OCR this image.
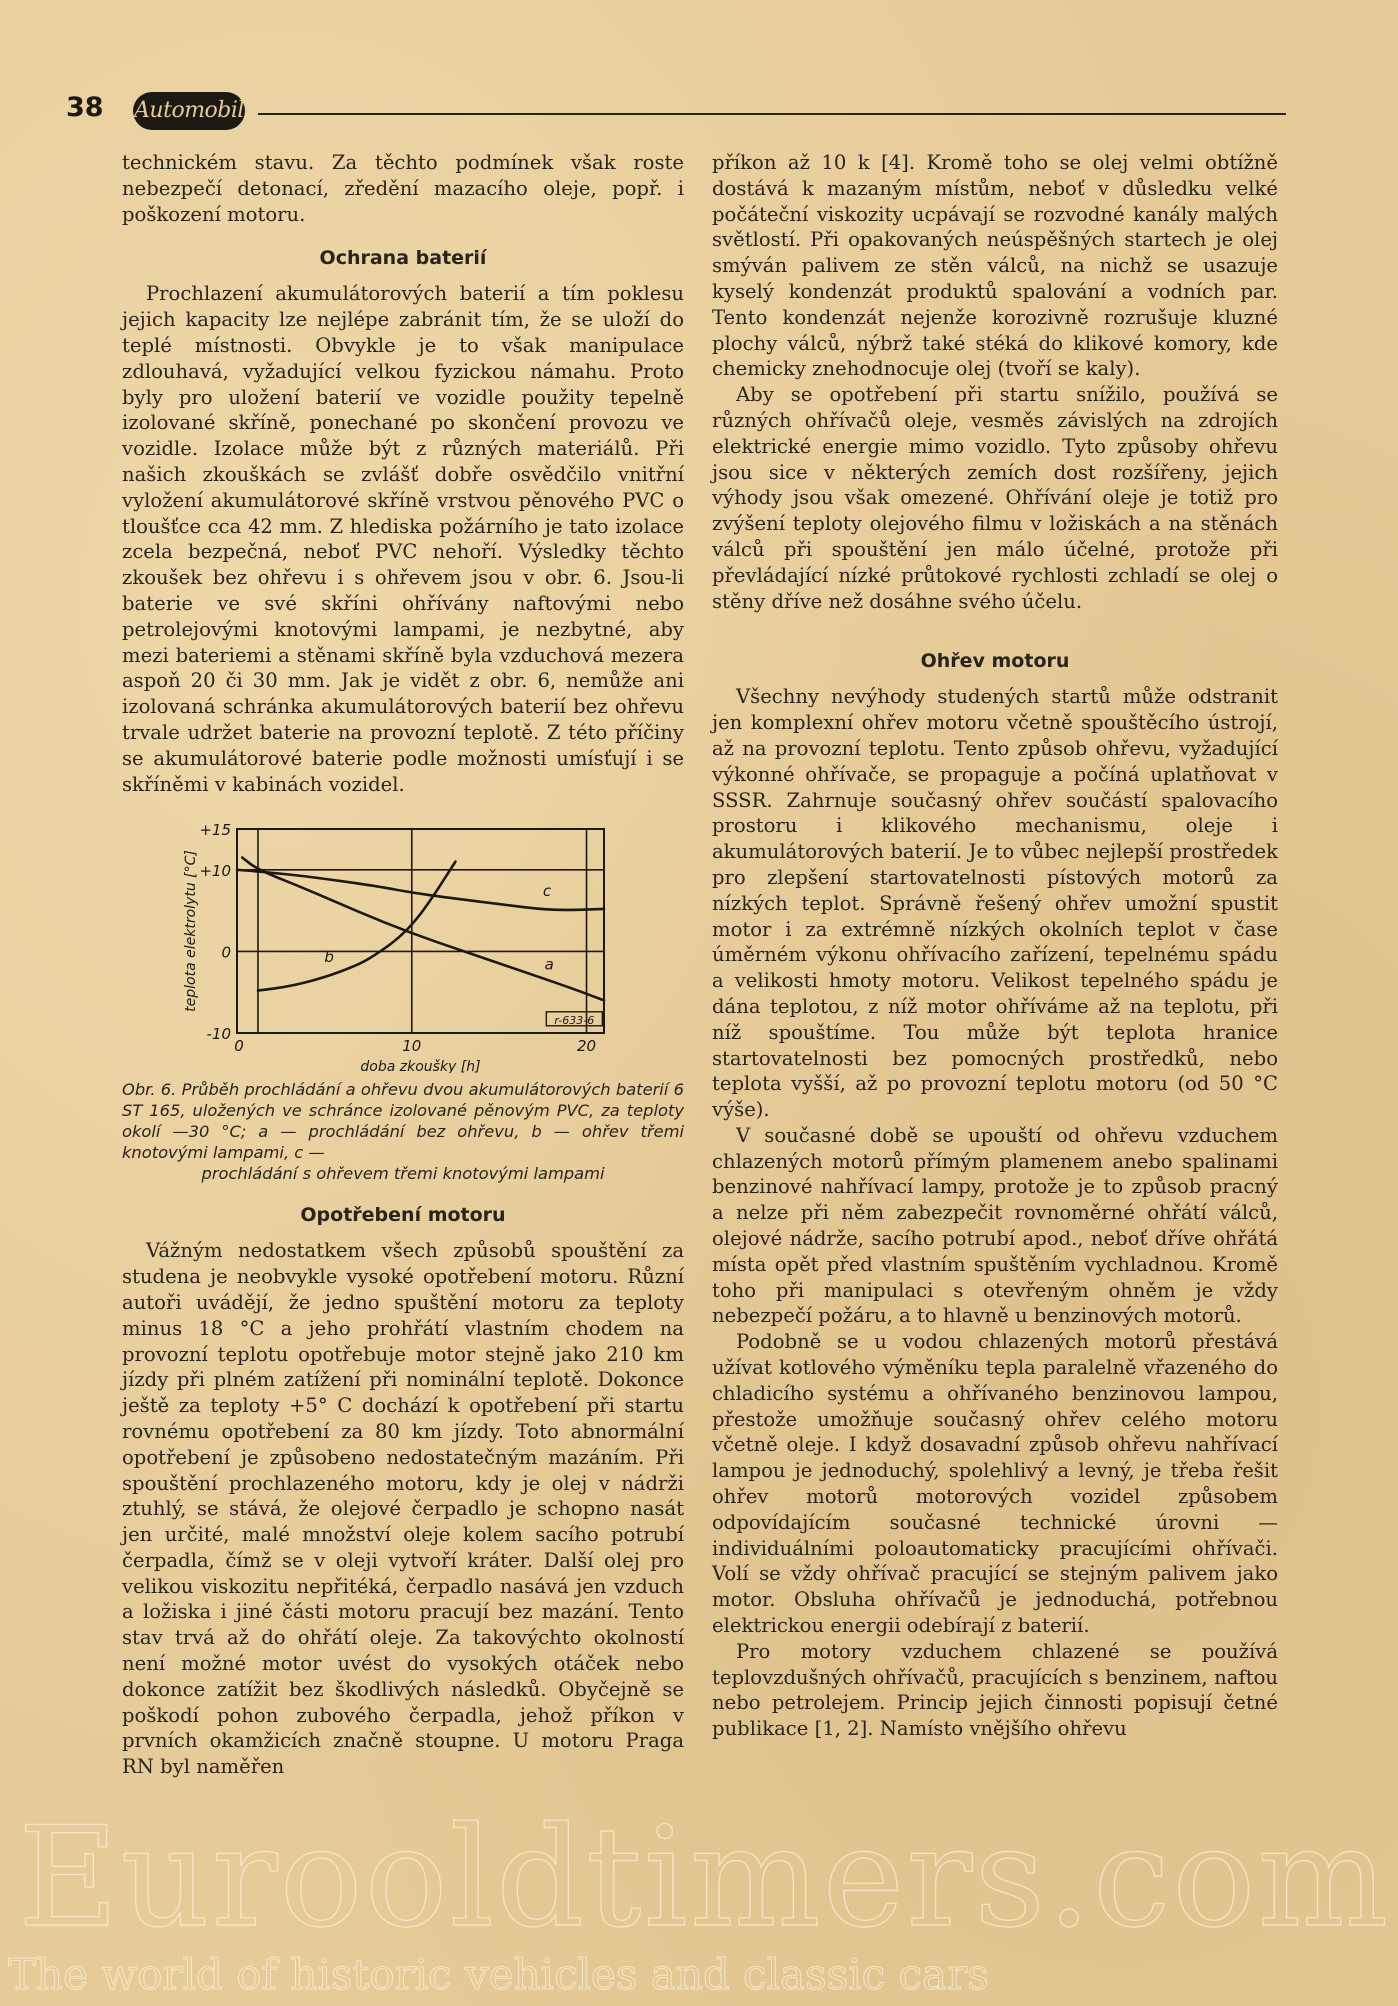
38 Automobil

technickém stavu. Za těchto podmínek však roste nebezpečí detonací, zředění mazacího oleje, popř. i poškození motoru.

Ochrana baterií

Prochlazení akumulátorových baterií a tím poklesu jejich kapacity lze nejlépe zabránit tím, že se uloží do teplé místnosti. Obvykle je to však manipulace zdlouhavá, vyžadující velkou fyzickou námahu. Proto byly pro uložení baterií ve vozidle použity tepelně izolované skříně, ponechané po skončení provozu ve vozidle. Izolace může být z různých materiálů. Při našich zkouškách se zvlášť dobře osvědčilo vnitřní vyložení akumulátorové skříně vrstvou pěnového PVC o tloušťce cca 42 mm. Z hlediska požárního je tato izolace zcela bezpečná, neboť PVC nehoří. Výsledky těchto zkoušek bez ohřevu i s ohřevem jsou v obr. 6. Jsou-li baterie ve své skříni ohřívány naftovými nebo petrolejovými knotovými lampami, je nezbytné, aby mezi bateriemi a stěnami skříně byla vzduchová mezera aspoň 20 či 30 mm. Jak je vidět z obr. 6, nemůže ani izolovaná schránka akumulátorových baterií bez ohřevu trvale udržet baterie na provozní teplotě. Z této příčiny se akumulátorové baterie podle možnosti umísťují i se skříněmi v kabinách vozidel.

-10
0
+10
+15
0	10	20
doba zkoušky [h]
teplota elektrolytu [°C]	a
b
c
r-633-6
Obr. 6. Průběh prochládání a ohřevu dvou akumulátorových baterií 6 ST 165, uložených ve schránce izolované pěnovým PVC, za teploty okolí —30 °C; a — prochládání bez ohřevu, b — ohřev třemi knotovými lampami, c —
prochládání s ohřevem třemi knotovými lampami
Opotřebení motoru

Vážným nedostatkem všech způsobů spouštění za studena je neobvykle vysoké opotřebení motoru. Různí autoři uvádějí, že jedno spuštění motoru za teploty minus 18 °C a jeho prohřátí vlastním chodem na provozní teplotu opotřebuje motor stejně jako 210 km jízdy při plném zatížení při nominální teplotě. Dokonce ještě za teploty +5° C dochází k opotřebení při startu rovnému opotřebení za 80 km jízdy. Toto abnormální opotřebení je způsobeno nedostatečným mazáním. Při spouštění prochlazeného motoru, kdy je olej v nádrži ztuhlý, se stává, že olejové čerpadlo je schopno nasát jen určité, malé množství oleje kolem sacího potrubí čerpadla, čímž se v oleji vytvoří kráter. Další olej pro velikou viskozitu nepřitéká, čerpadlo nasává jen vzduch a ložiska i jiné části motoru pracují bez mazání. Tento stav trvá až do ohřátí oleje. Za takovýchto okolností není možné motor uvést do vysokých otáček nebo dokonce zatížit bez škodlivých následků. Obyčejně se poškodí pohon zubového čerpadla, jehož příkon v prvních okamžicích značně stoupne. U motoru Praga RN byl naměřen

příkon až 10 k [4]. Kromě toho se olej velmi obtížně dostává k mazaným místům, neboť v důsledku velké počáteční viskozity ucpávají se rozvodné kanály malých světlostí. Při opakovaných neúspěšných startech je olej smýván palivem ze stěn válců, na nichž se usazuje kyselý kondenzát produktů spalování a vodních par. Tento kondenzát nejenže korozivně rozrušuje kluzné plochy válců, nýbrž také stéká do klikové komory, kde chemicky znehodnocuje olej (tvoří se kaly).

Aby se opotřebení při startu snížilo, používá se různých ohřívačů oleje, vesměs závislých na zdrojích elektrické energie mimo vozidlo. Tyto způsoby ohřevu jsou sice v některých zemích dost rozšířeny, jejich výhody jsou však omezené. Ohřívání oleje je totiž pro zvýšení teploty olejového filmu v ložiskách a na stěnách válců při spouštění jen málo účelné, protože při převládající nízké průtokové rychlosti zchladí se olej o stěny dříve než dosáhne svého účelu.

Ohřev motoru

Všechny nevýhody studených startů může odstranit jen komplexní ohřev motoru včetně spouštěcího ústrojí, až na provozní teplotu. Tento způsob ohřevu, vyžadující výkonné ohřívače, se propaguje a počíná uplatňovat v SSSR. Zahrnuje současný ohřev součástí spalovacího prostoru i klikového mechanismu, oleje i akumulátorových baterií. Je to vůbec nejlepší prostředek pro zlepšení startovatelnosti pístových motorů za nízkých teplot. Správně řešený ohřev umožní spustit motor i za extrémně nízkých okolních teplot v čase úměrném výkonu ohřívacího zařízení, tepelnému spádu a velikosti hmoty motoru. Velikost tepelného spádu je dána teplotou, z níž motor ohříváme až na teplotu, při níž spouštíme. Tou může být teplota hranice startovatelnosti bez pomocných prostředků, nebo teplota vyšší, až po provozní teplotu motoru (od 50 °C výše).

V současné době se upouští od ohřevu vzduchem chlazených motorů přímým plamenem anebo spalinami benzinové nahřívací lampy, protože je to způsob pracný a nelze při něm zabezpečit rovnoměrné ohřátí válců, olejové nádrže, sacího potrubí apod., neboť dříve ohřátá místa opět před vlastním spuštěním vychladnou. Kromě toho při manipulaci s otevřeným ohněm je vždy nebezpečí požáru, a to hlavně u benzinových motorů.

Podobně se u vodou chlazených motorů přestává užívat kotlového výměníku tepla paralelně vřazeného do chladicího systému a ohřívaného benzinovou lampou, přestože umožňuje současný ohřev celého motoru včetně oleje. I když dosavadní způsob ohřevu nahřívací lampou je jednoduchý, spolehlivý a levný, je třeba řešit ohřev motorů motorových vozidel způsobem odpovídajícím současné technické úrovni — individuálními poloautomaticky pracujícími ohřívači. Volí se vždy ohřívač pracující se stejným palivem jako motor. Obsluha ohřívačů je jednoduchá, potřebnou elektrickou energii odebírají z baterií.

Pro motory vzduchem chlazené se používá teplovzdušných ohřívačů, pracujících s benzinem, naftou nebo petrolejem. Princip jejich činnosti popisují četné publikace [1, 2]. Namísto vnějšího ohřevu

Eurooldtimers.com
The world of historic vehicles and classic cars
